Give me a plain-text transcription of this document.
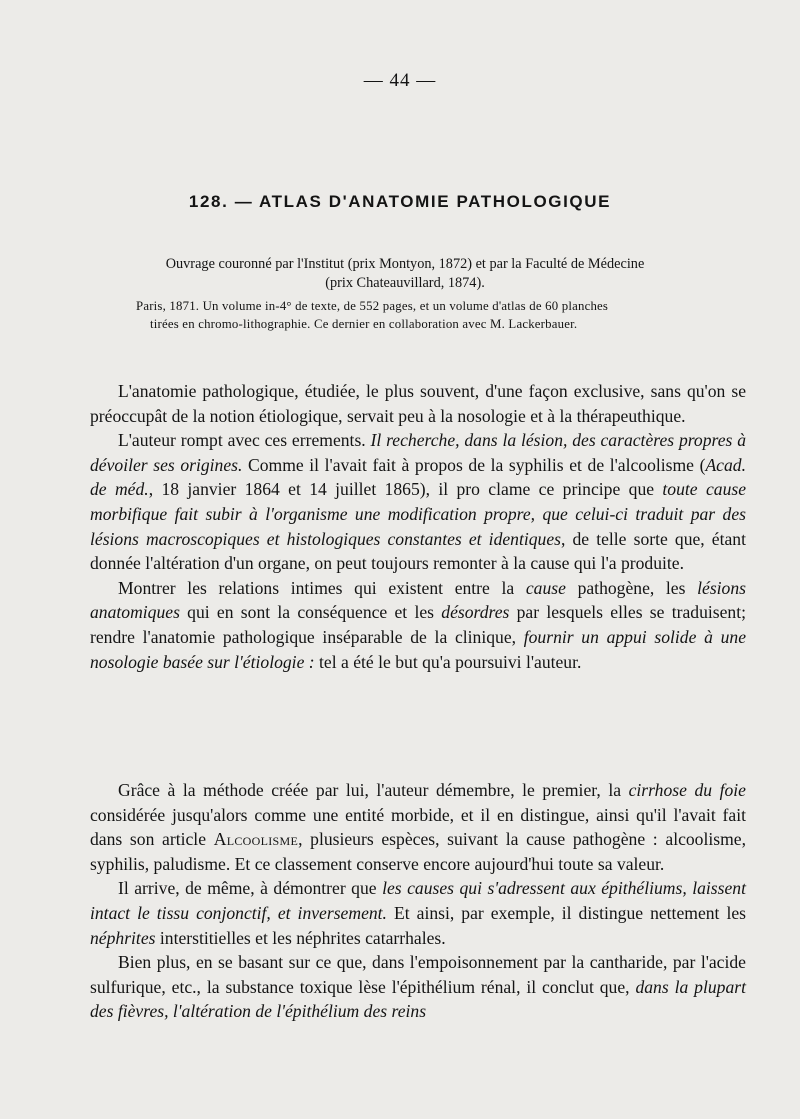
— 44 —
128. — ATLAS D'ANATOMIE PATHOLOGIQUE
Ouvrage couronné par l'Institut (prix Montyon, 1872) et par la Faculté de Médecine
(prix Chateauvillard, 1874).
Paris, 1871. Un volume in-4° de texte, de 552 pages, et un volume d'atlas de 60 planches
tirées en chromo-lithographie. Ce dernier en collaboration avec M. Lackerbauer.

L'anatomie pathologique, étudiée, le plus souvent, d'une façon exclusive, sans qu'on se préoccupât de la notion étiologique, servait peu à la nosologie et à la thérapeuthique.

L'auteur rompt avec ces errements. Il recherche, dans la lésion, des caractères propres à dévoiler ses origines. Comme il l'avait fait à propos de la syphilis et de l'alcoolisme (Acad. de méd., 18 janvier 1864 et 14 juillet 1865), il pro clame ce principe que toute cause morbifique fait subir à l'organisme une modification propre, que celui-ci traduit par des lésions macroscopiques et histologiques constantes et identiques, de telle sorte que, étant donnée l'altération d'un organe, on peut toujours remonter à la cause qui l'a produite.

Montrer les relations intimes qui existent entre la cause pathogène, les lésions anatomiques qui en sont la conséquence et les désordres par lesquels elles se traduisent; rendre l'anatomie pathologique inséparable de la clinique, fournir un appui solide à une nosologie basée sur l'étiologie : tel a été le but qu'a poursuivi l'auteur.

Grâce à la méthode créée par lui, l'auteur démembre, le premier, la cirrhose du foie considérée jusqu'alors comme une entité morbide, et il en distingue, ainsi qu'il l'avait fait dans son article Alcoolisme, plusieurs espèces, suivant la cause pathogène : alcoolisme, syphilis, paludisme. Et ce classement conserve encore aujourd'hui toute sa valeur.

Il arrive, de même, à démontrer que les causes qui s'adressent aux épithéliums, laissent intact le tissu conjonctif, et inversement. Et ainsi, par exemple, il distingue nettement les néphrites interstitielles et les néphrites catarrhales.

Bien plus, en se basant sur ce que, dans l'empoisonnement par la cantharide, par l'acide sulfurique, etc., la substance toxique lèse l'épithélium rénal, il conclut que, dans la plupart des fièvres, l'altération de l'épithélium des reins
